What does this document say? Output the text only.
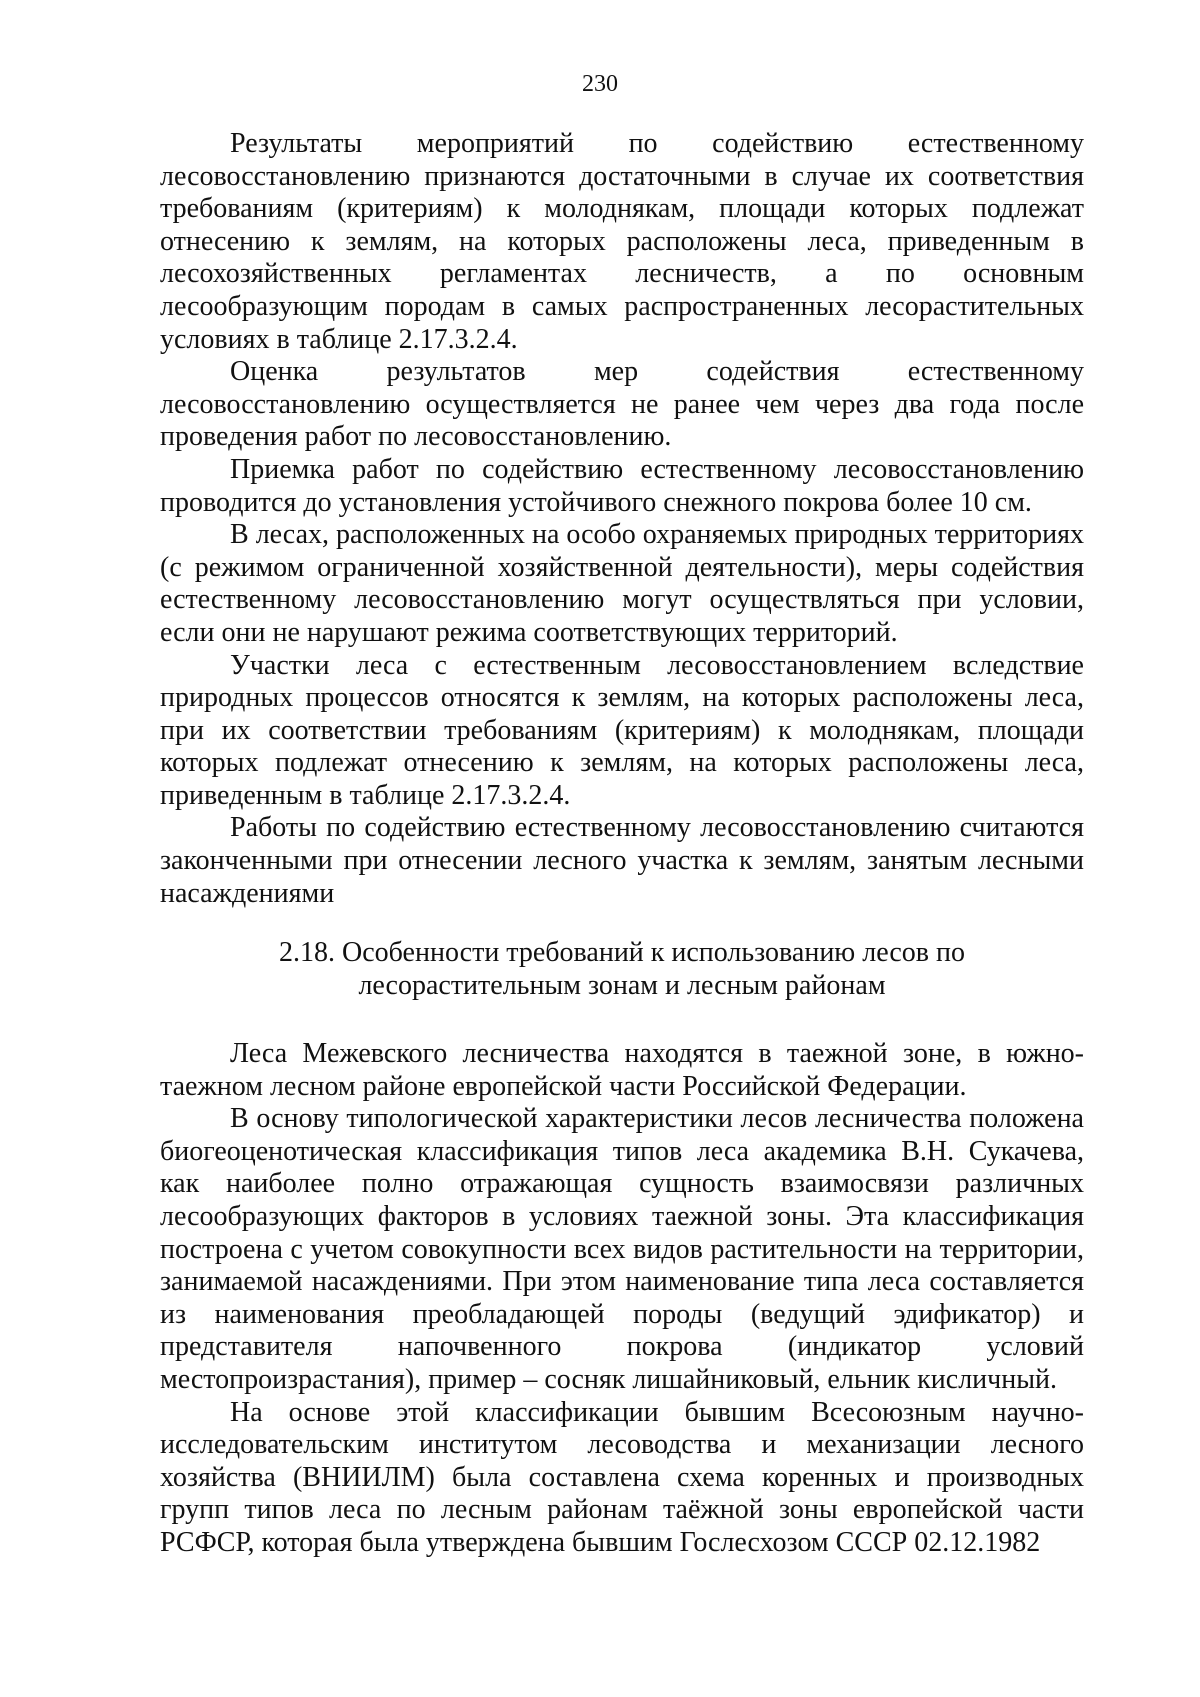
230

Результаты мероприятий по содействию естественному лесовосстановлению признаются достаточными в случае их соответствия требованиям (критериям) к молоднякам, площади которых подлежат отнесению к землям, на которых расположены леса, приведенным в лесохозяйственных регламентах лесничеств, а по основным лесообразующим породам в самых распространенных лесорастительных условиях в таблице 2.17.3.2.4.

Оценка результатов мер содействия естественному лесовосстановлению осуществляется не ранее чем через два года после проведения работ по лесовосстановлению.

Приемка работ по содействию естественному лесовосстановлению проводится до установления устойчивого снежного покрова более 10 см.

В лесах, расположенных на особо охраняемых природных территориях (с режимом ограниченной хозяйственной деятельности), меры содействия естественному лесовосстановлению могут осуществляться при условии, если они не нарушают режима соответствующих территорий.

Участки леса с естественным лесовосстановлением вследствие природных процессов относятся к землям, на которых расположены леса, при их соответствии требованиям (критериям) к молоднякам, площади которых подлежат отнесению к землям, на которых расположены леса, приведенным в таблице 2.17.3.2.4.

Работы по содействию естественному лесовосстановлению считаются законченными при отнесении лесного участка к землям, занятым лесными насаждениями

2.18. Особенности требований к использованию лесов по
лесорастительным зонам и лесным районам

Леса Межевского лесничества находятся в таежной зоне, в южно-таежном лесном районе европейской части Российской Федерации.

В основу типологической характеристики лесов лесничества положена биогеоценотическая классификация типов леса академика В.Н. Сукачева, как наиболее полно отражающая сущность взаимосвязи различных лесообразующих факторов в условиях таежной зоны. Эта классификация построена с учетом совокупности всех видов растительности на территории, занимаемой насаждениями. При этом наименование типа леса составляется из наименования преобладающей породы (ведущий эдификатор) и представителя напочвенного покрова (индикатор условий местопроизрастания), пример – сосняк лишайниковый, ельник кисличный.

На основе этой классификации бывшим Всесоюзным научно-исследовательским институтом лесоводства и механизации лесного хозяйства (ВНИИЛМ) была составлена схема коренных и производных групп типов леса по лесным районам таёжной зоны европейской части РСФСР, которая была утверждена бывшим Гослесхозом СССР 02.12.1982
